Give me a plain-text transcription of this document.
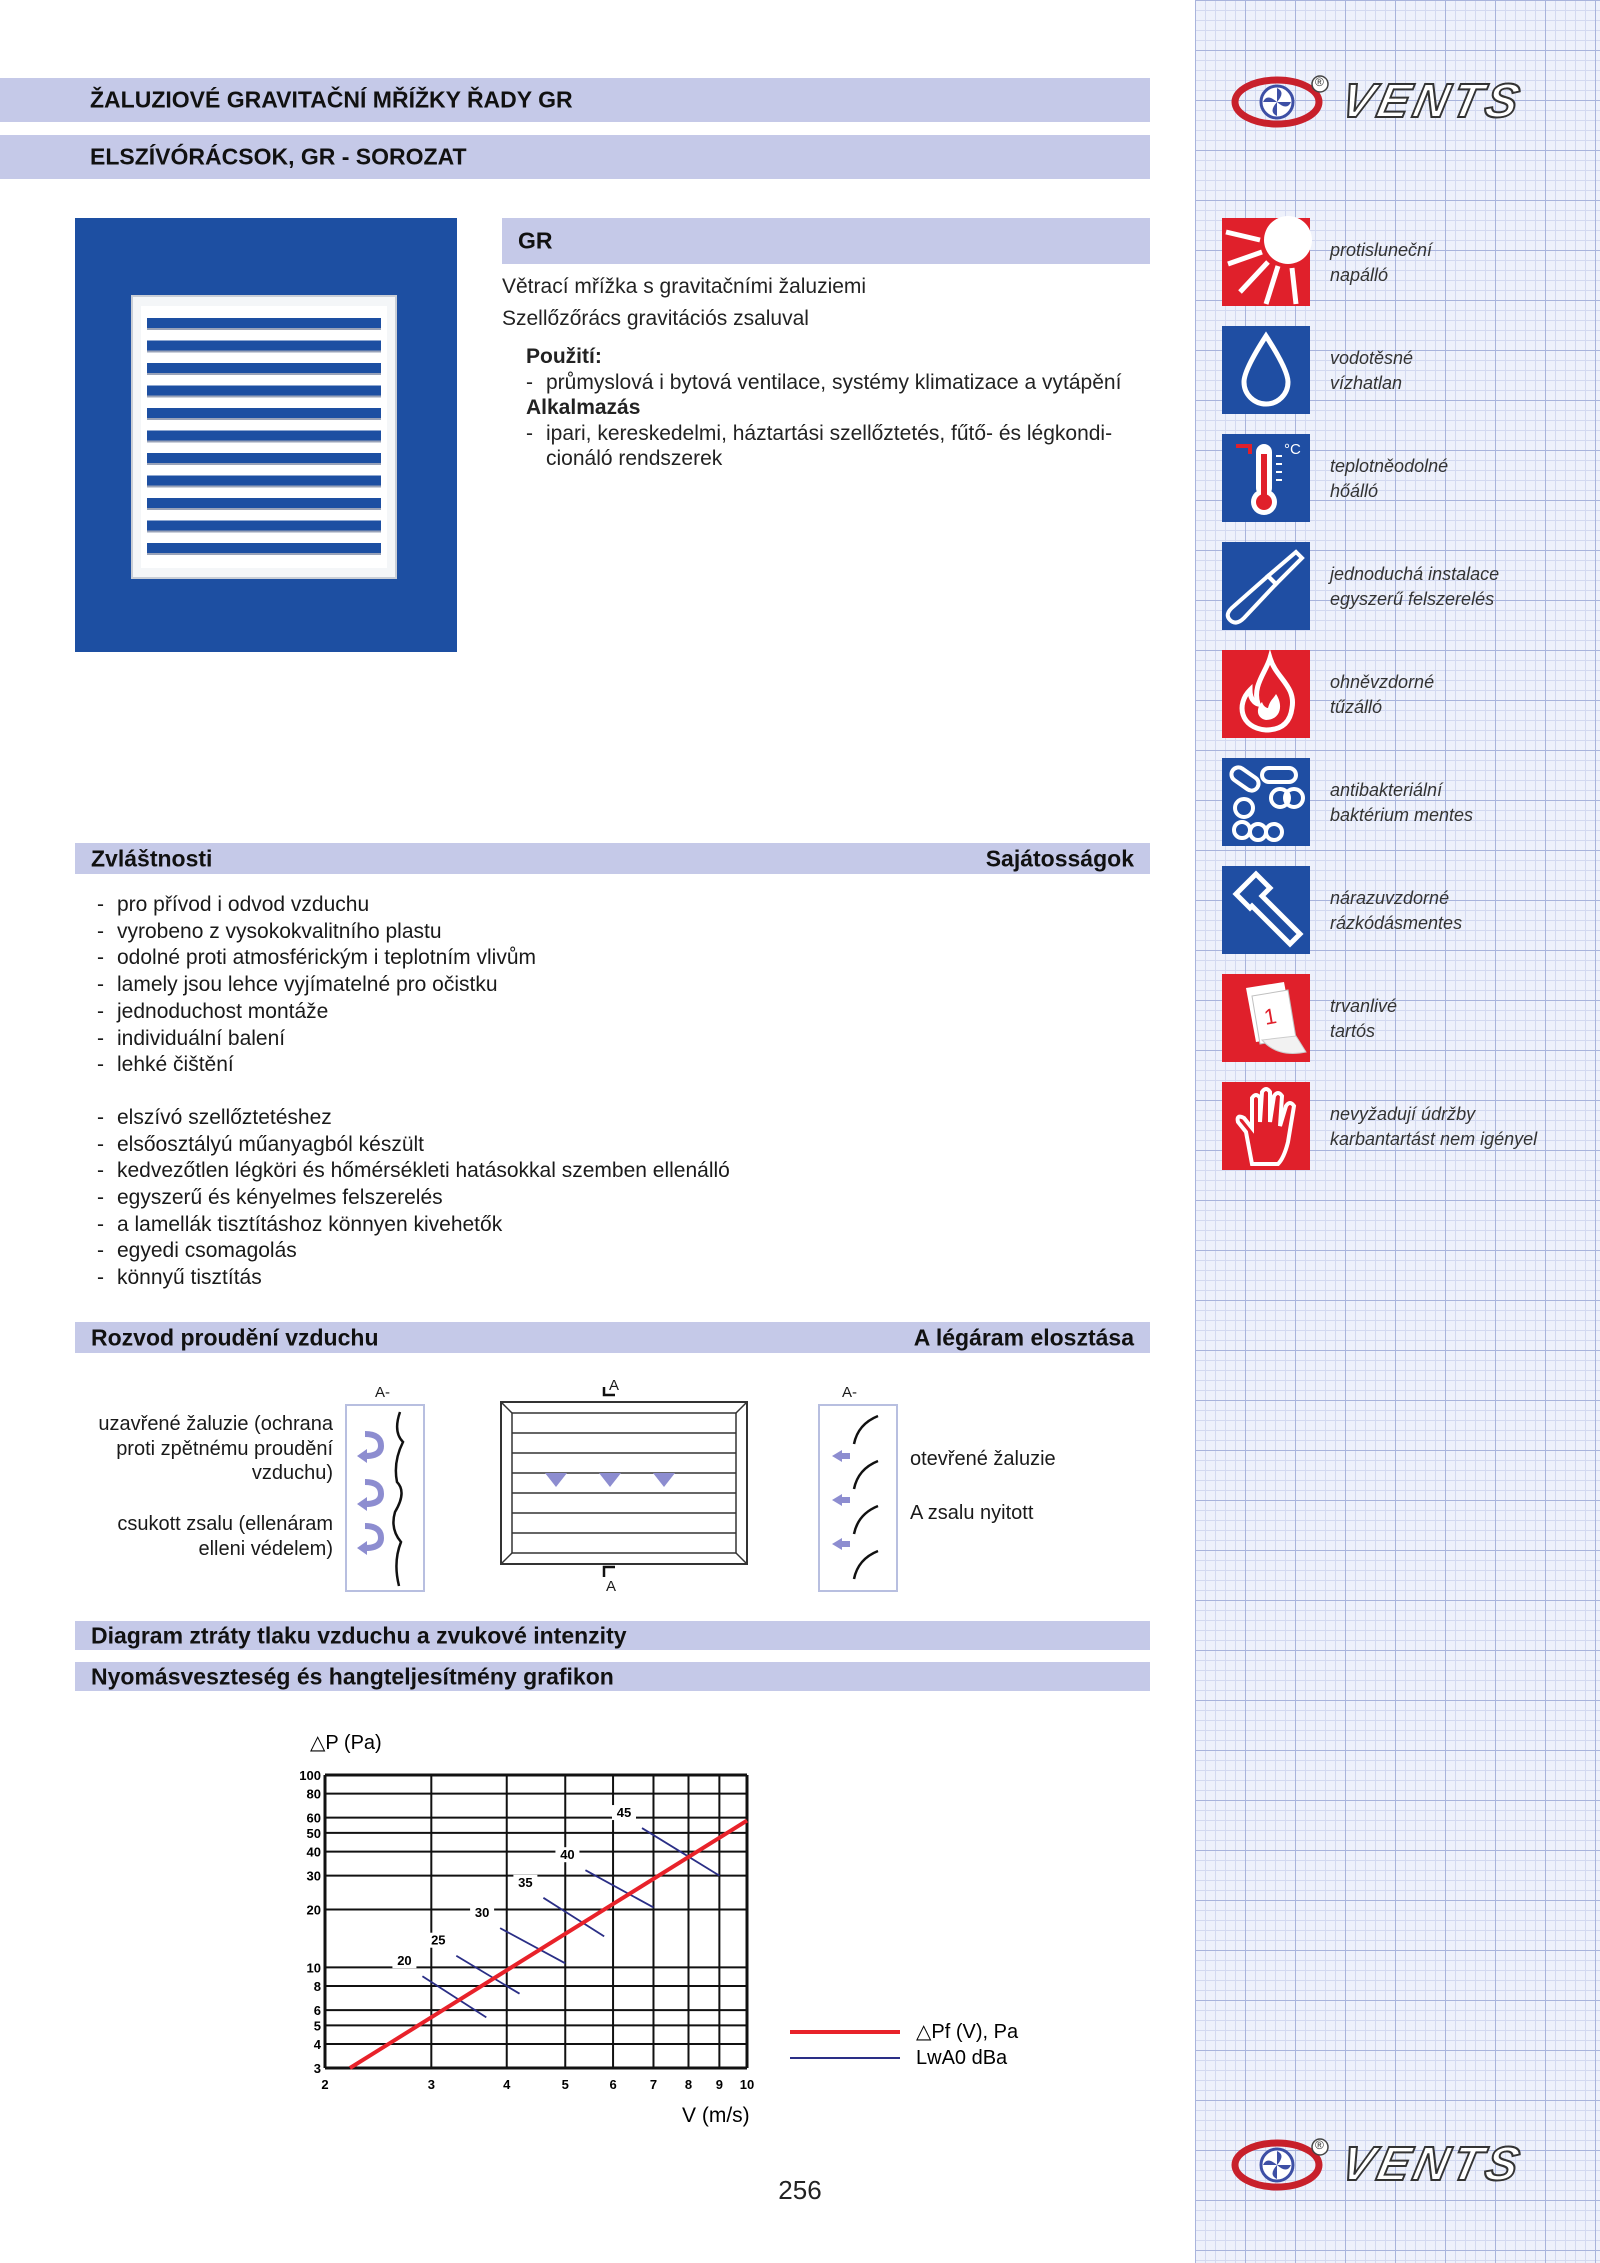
® VENTS
protisluneční
napálló
vodotěsné
vízhatlan
°C
teplotněodolné
hőálló
jednoduchá instalace
egyszerű felszerelés
ohněvzdorné
tűzálló
antibakteriální
baktérium mentes
nárazuvzdorné
rázkódásmentes
1	trvanlivé
tartós
nevyžadují údržby
karbantartást nem igényel
ŽALUZIOVÉ GRAVITAČNÍ MŘÍŽKY ŘADY GR
ELSZÍVÓRÁCSOK, GR - SOROZAT
GR
Větrací mřížka s gravitačními žaluziemi
Szellőzőrács gravitációs zsaluval
Použití:
- průmyslová i bytová ventilace, systémy klimatizace a vytápění
Alkalmazás
- ipari, kereskedelmi, háztartási szellőztetés, fűtő- és légkondi-cionáló rendszerek
Zvláštnosti	Sajátosságok
- pro přívod i odvod vzduchu
- vyrobeno z vysokokvalitního plastu
- odolné proti atmosférickým i teplotním vlivům
- lamely jsou lehce vyjímatelné pro očistku
- jednoduchost montáže
- individuální balení
- lehké čištění
- elszívó szellőztetéshez
- elsőosztályú műanyagból készült
- kedvezőtlen légköri és hőmérsékleti hatásokkal szemben ellenálló
- egyszerű és kényelmes felszerelés
- a lamellák tisztításhoz könnyen kivehetők
- egyedi csomagolás
- könnyű tisztítás
Rozvod proudění vzduchu	A légáram elosztása
uzavřené žaluzie (ochrana proti zpětnému proudění vzduchu)
csukott zsalu (ellenáram elleni védelem)
A-	A
A
A-
otevřené žaluzie
A zsalu nyitott
Diagram ztráty tlaku vzduchu a zvukové intenzity
Nyomásveszteség és hangteljesítmény grafikon
2	3	4	5	6	7 8 9 10
3
4
5
6
8
10
20
30
40
50
60
80
100
20
25
30
35
40
45
△P (Pa)
V (m/s)
△Pf (V), Pa
LwA0 dBa
256
® VENTS
